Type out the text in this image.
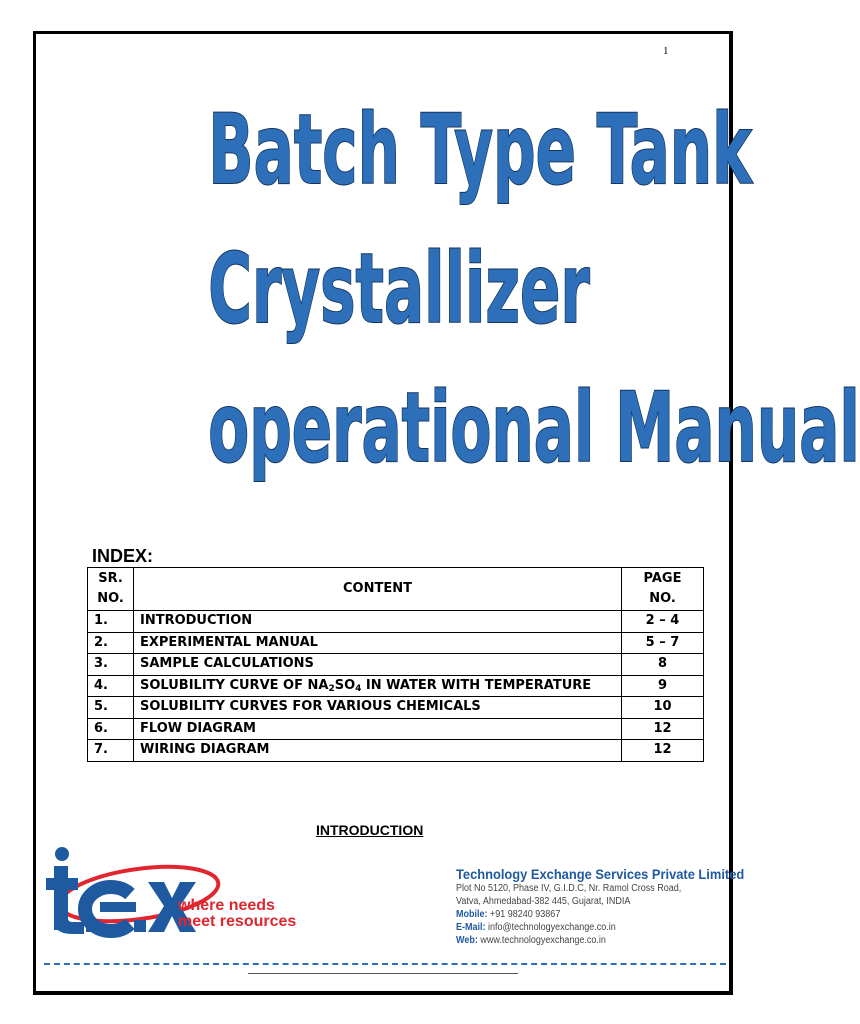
1
Batch Type Tank
Crystallizer
operational Manual
INDEX:
SR. NO.	CONTENT	PAGE NO.
1.	INTRODUCTION	2 – 4
2.	EXPERIMENTAL MANUAL	5 – 7
3.	SAMPLE CALCULATIONS	8
4.	SOLUBILITY CURVE OF $NA_2SO_4$ IN WATER WITH TEMPERATURE	9
5.	SOLUBILITY CURVES FOR VARIOUS CHEMICALS	10
6.	FLOW DIAGRAM	12
7.	WIRING DIAGRAM	12
INTRODUCTION

where needs
meet resources

Technology Exchange Services Private Limited

Plot No 5120, Phase IV, G.I.D.C, Nr. Ramol Cross Road,

Vatva, Ahmedabad-382 445, Gujarat, INDIA

Mobile: +91 98240 93867

E-Mail: info@technologyexchange.co.in

Web: www.technologyexchange.co.in
